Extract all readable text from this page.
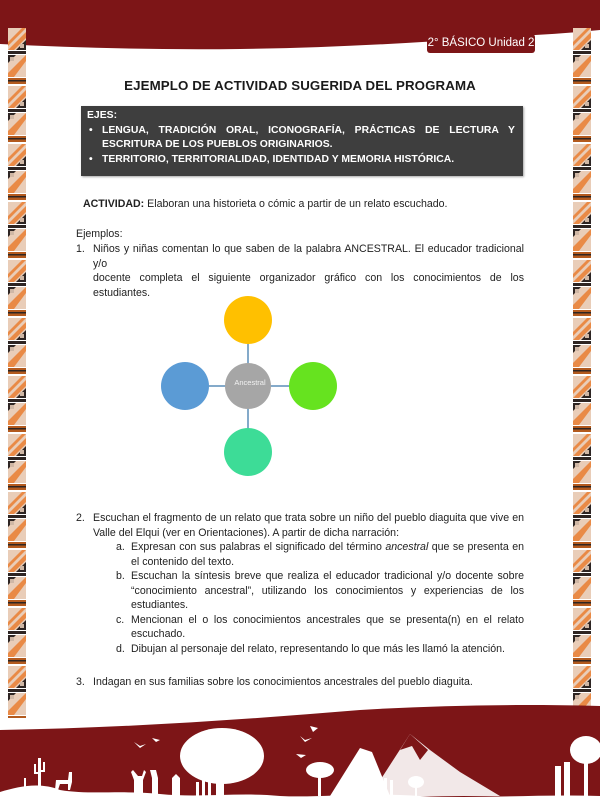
2° BÁSICO Unidad 2
EJEMPLO DE ACTIVIDAD SUGERIDA DEL PROGRAMA
EJES:
• LENGUA, TRADICIÓN ORAL, ICONOGRAFÍA, PRÁCTICAS DE LECTURA Y ESCRITURA DE LOS PUEBLOS ORIGINARIOS.
• TERRITORIO, TERRITORIALIDAD, IDENTIDAD Y MEMORIA HISTÓRICA.
ACTIVIDAD: Elaboran una historieta o cómic a partir de un relato escuchado.
Ejemplos:
1. Niños y niñas comentan lo que saben de la palabra ANCESTRAL. El educador tradicional y/o
docente completa el siguiente organizador gráfico con los conocimientos de los estudiantes.
Ancestral
2. Escuchan el fragmento de un relato que trata sobre un niño del pueblo diaguita que vive en
Valle del Elqui (ver en Orientaciones). A partir de dicha narración:
a. Expresan con sus palabras el significado del término ancestral que se presenta en el contenido del texto.
b. Escuchan la síntesis breve que realiza el educador tradicional y/o docente sobre “conocimiento ancestral”, utilizando los conocimientos y experiencias de los estudiantes.
c. Mencionan el o los conocimientos ancestrales que se presenta(n) en el relato escuchado.
d. Dibujan al personaje del relato, representando lo que más les llamó la atención.
3. Indagan en sus familias sobre los conocimientos ancestrales del pueblo diaguita.
